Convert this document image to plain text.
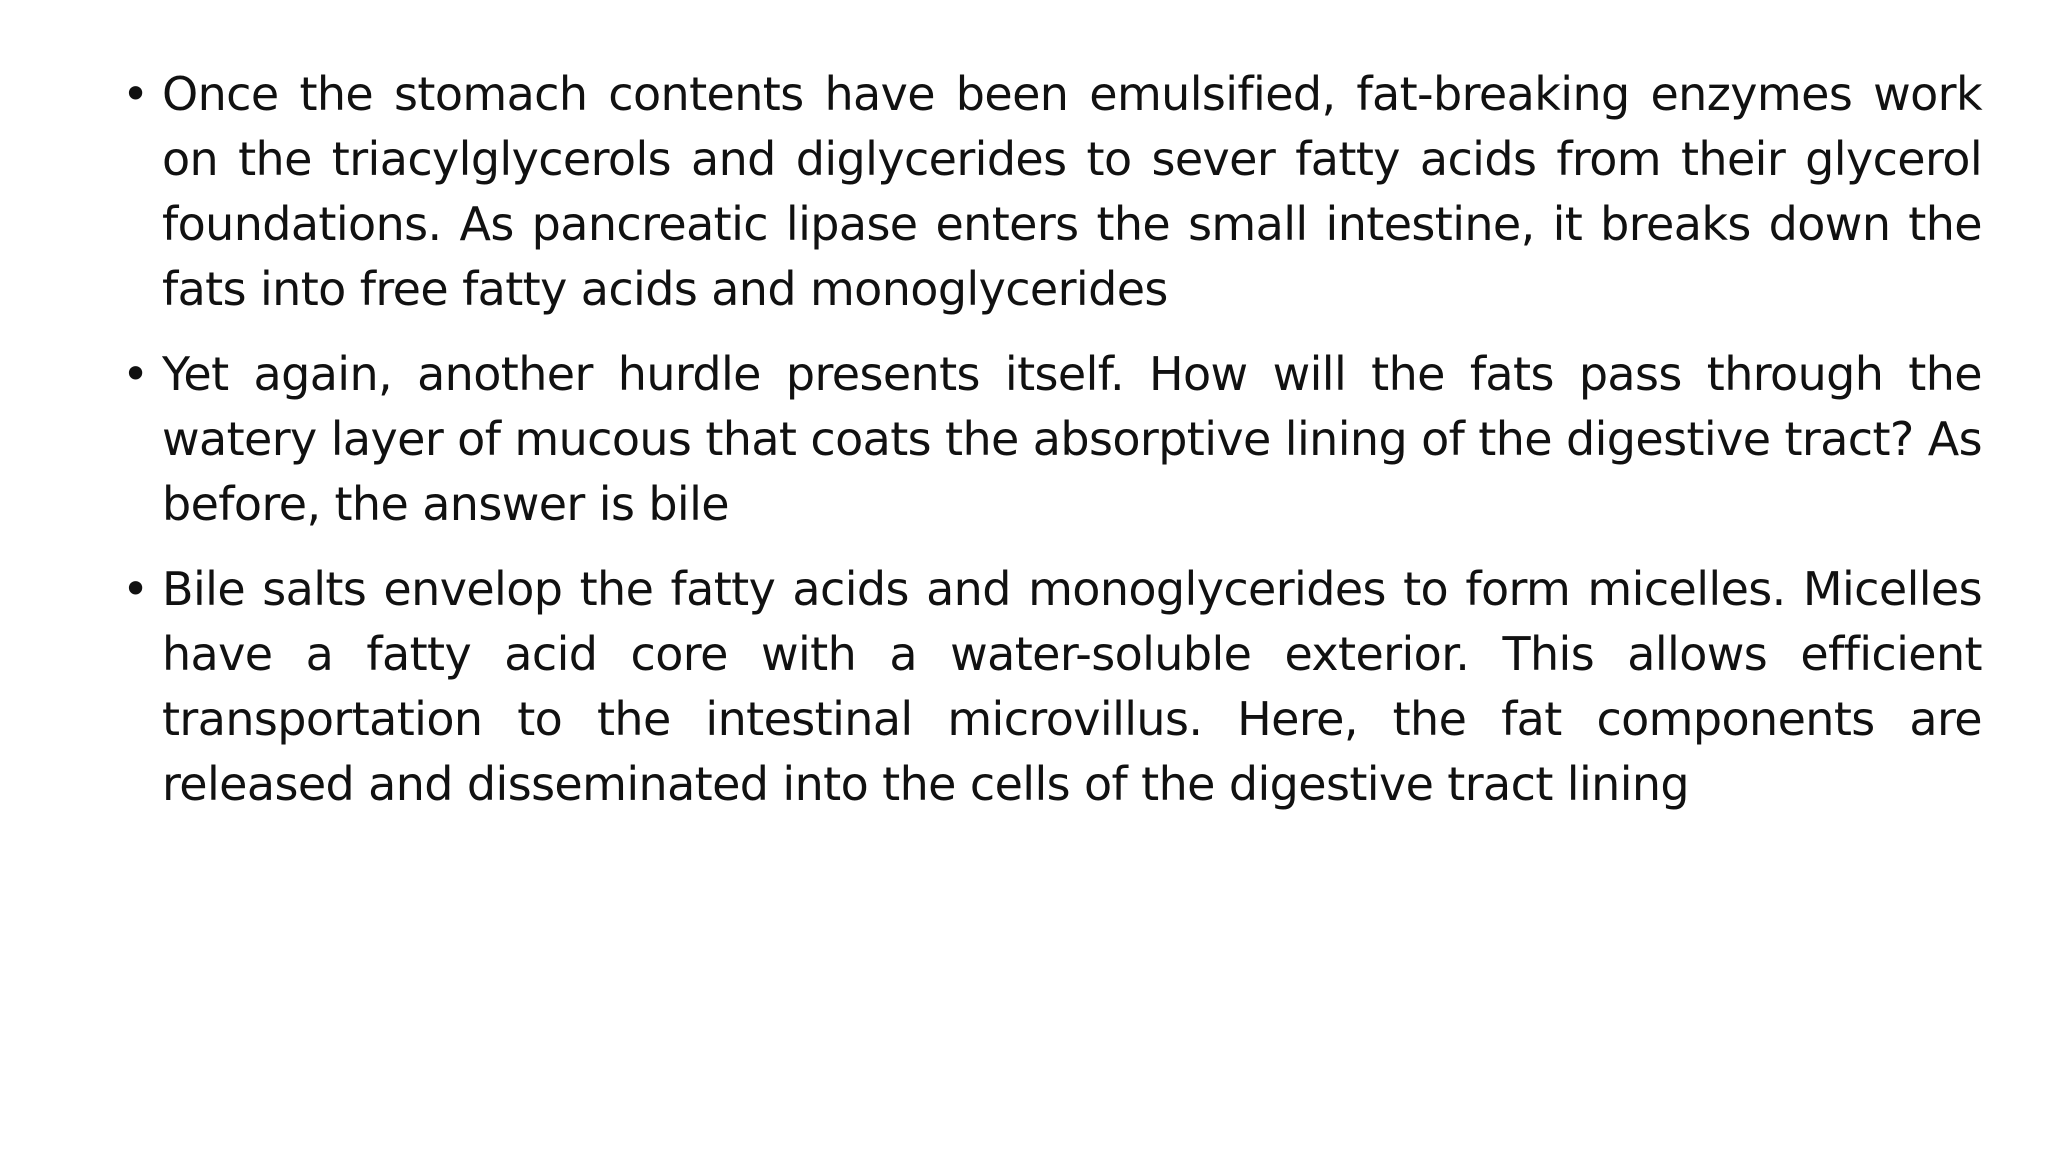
• Once the stomach contents have been emulsified, fat-breaking enzymes work on the triacylglycerols and diglycerides to sever fatty acids from their glycerol foundations. As pancreatic lipase enters the small intestine, it breaks down the fats into free fatty acids and monoglycerides
• Yet again, another hurdle presents itself. How will the fats pass through the watery layer of mucous that coats the absorptive lining of the digestive tract? As before, the answer is bile
• Bile salts envelop the fatty acids and monoglycerides to form micelles. Micelles have a fatty acid core with a water-soluble exterior. This allows efficient transportation to the intestinal microvillus. Here, the fat components are released and disseminated into the cells of the digestive tract lining
